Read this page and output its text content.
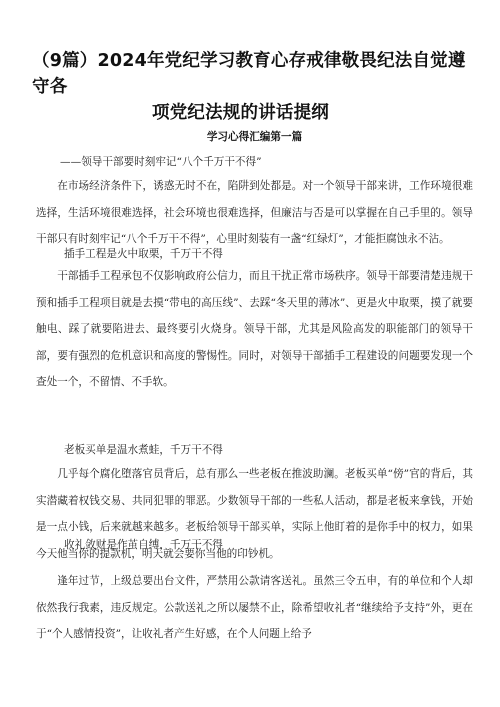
（9篇）2024年党纪学习教育心存戒律敬畏纪法自觉遵守各
项党纪法规的讲话提纲
学习心得汇编第一篇
——领导干部要时刻牢记“八个千万干不得”

在市场经济条件下，诱惑无时不在，陷阱到处都是。对一个领导干部来讲，工作环境很难选择，生活环境很难选择，社会环境也很难选择，但廉洁与否是可以掌握在自己手里的。领导干部只有时刻牢记“八个千万干不得”，心里时刻装有一盏“红绿灯”，才能拒腐蚀永不沾。

插手工程是火中取栗，千万干不得

干部插手工程承包不仅影响政府公信力，而且干扰正常市场秩序。领导干部要清楚违规干预和插手工程项目就是去摸“带电的高压线”、去踩“冬天里的薄冰”、更是火中取栗，摸了就要触电、踩了就要陷进去、最终要引火烧身。领导干部，尤其是风险高发的职能部门的领导干部，要有强烈的危机意识和高度的警惕性。同时，对领导干部插手工程建设的问题要发现一个查处一个，不留情、不手软。

老板买单是温水煮蛙，千万干不得

几乎每个腐化堕落官员背后，总有那么一些老板在推波助澜。老板买单“傍”官的背后，其实潜藏着权钱交易、共同犯罪的罪恶。少数领导干部的一些私人活动，都是老板来拿钱，开始是一点小钱，后来就越来越多。老板给领导干部买单，实际上他盯着的是你手中的权力，如果今天他当你的提款机，明天就会要你当他的印钞机。

收礼敛财是作茧自缚，千万干不得

逢年过节，上级总要出台文件，严禁用公款请客送礼。虽然三令五申，有的单位和个人却依然我行我素，违反规定。公款送礼之所以屡禁不止，除希望收礼者“继续给予支持”外，更在于“个人感情投资”，让收礼者产生好感，在个人问题上给予
